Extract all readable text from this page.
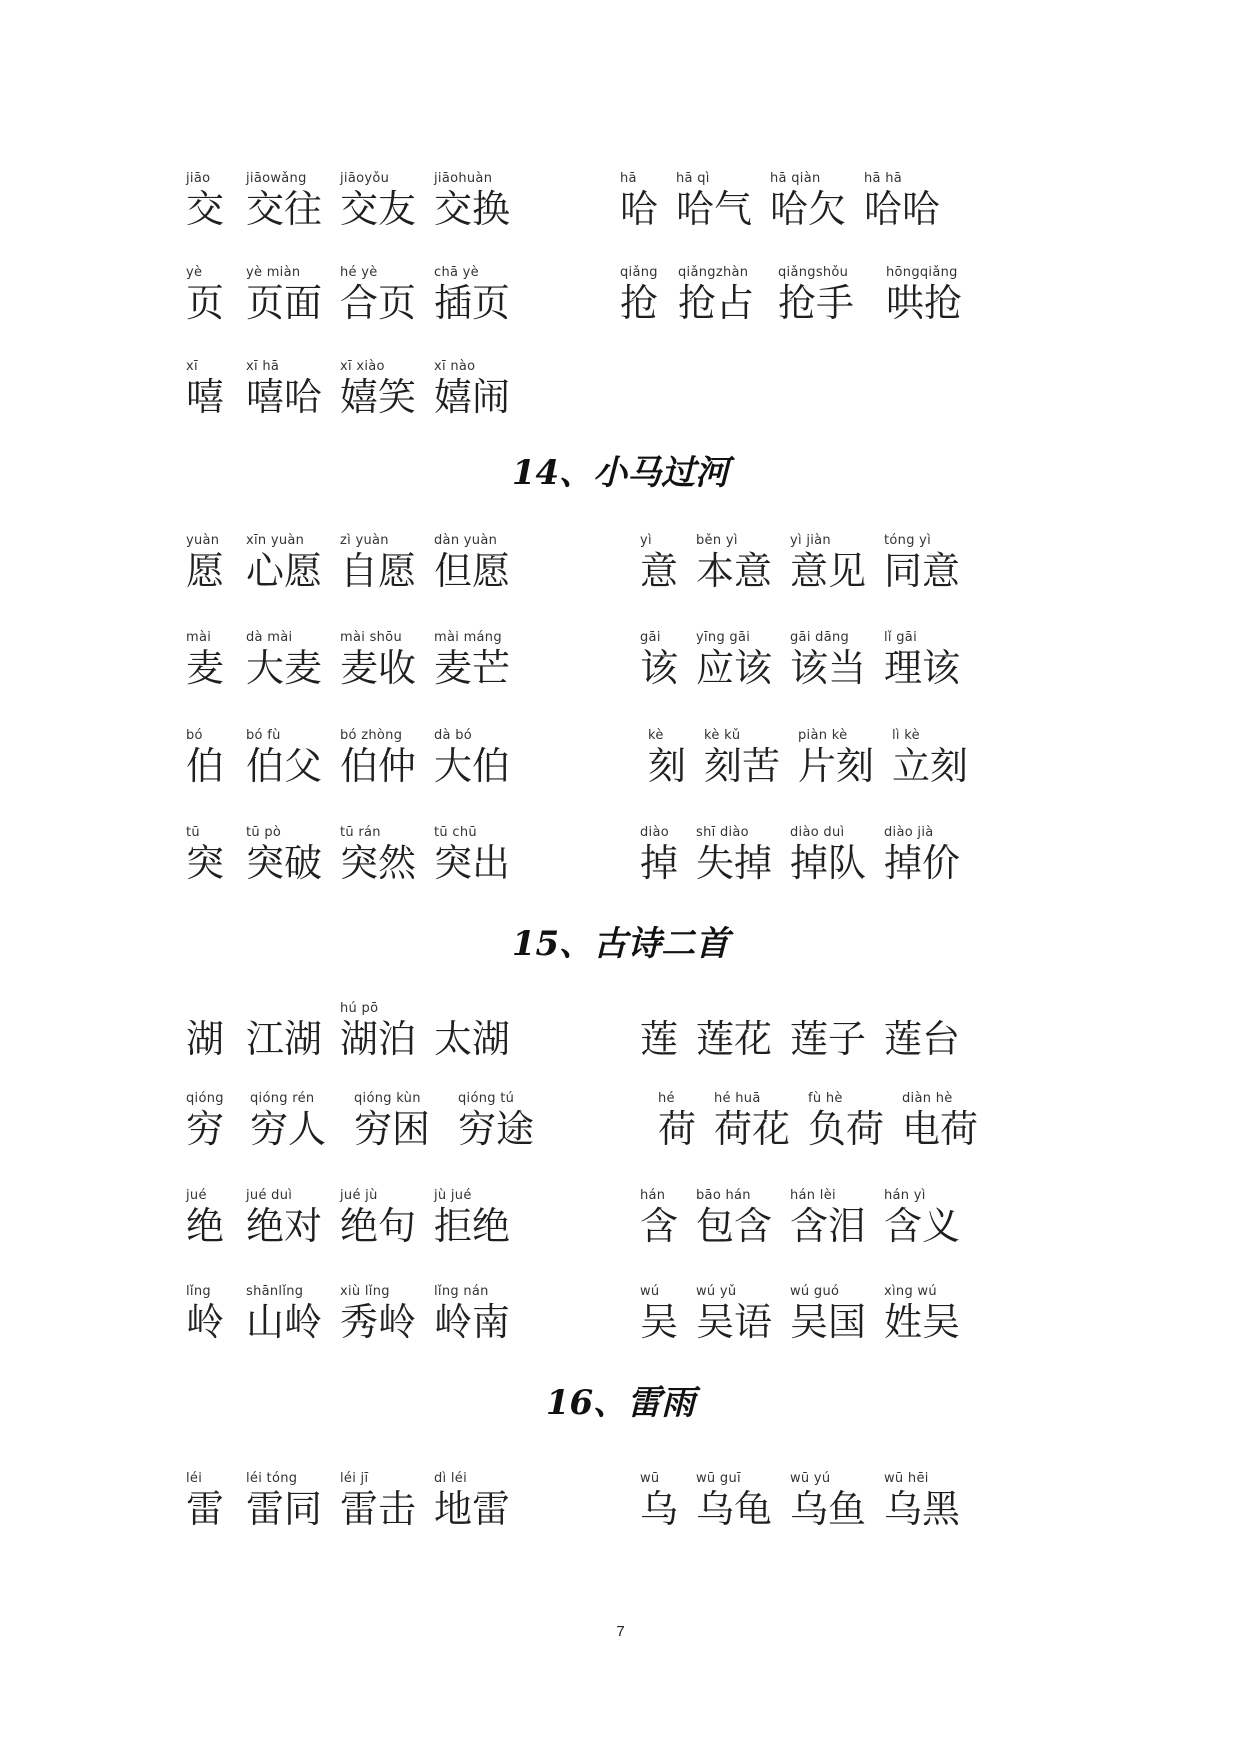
jiāo
交
jiāowǎng
交往
jiāoyǒu
交友
jiāohuàn
交换
hā
哈
hā qì
哈气
hā qiàn
哈欠
hā hā
哈哈
yè
页
yè miàn
页面
hé yè
合页
chā yè
插页
qiǎng
抢
qiǎngzhàn
抢占
qiǎngshǒu
抢手
hōngqiǎng
哄抢
xī
嘻
xī hā
嘻哈
xī xiào
嬉笑
xī nào
嬉闹
14、小马过河
yuàn
愿
xīn yuàn
心愿
zì yuàn
自愿
dàn yuàn
但愿
yì
意
běn yì
本意
yì jiàn
意见
tóng yì
同意
mài
麦
dà mài
大麦
mài shōu
麦收
mài máng
麦芒
gāi
该
yīng gāi
应该
gāi dāng
该当
lǐ gāi
理该
bó
伯
bó fù
伯父
bó zhòng
伯仲
dà bó
大伯
kè
刻
kè kǔ
刻苦
piàn kè
片刻
lì kè
立刻
tū
突
tū pò
突破
tū rán
突然
tū chū
突出
diào
掉
shī diào
失掉
diào duì
掉队
diào jià
掉价
15、古诗二首
湖 江湖
hú pō
湖泊 太湖	莲 莲花 莲子 莲台
qióng
穷
qióng rén
穷人
qióng kùn
穷困
qióng tú
穷途
hé
荷
hé huā
荷花
fù hè
负荷
diàn hè
电荷
jué
绝
jué duì
绝对
jué jù
绝句
jù jué
拒绝
hán
含
bāo hán
包含
hán lèi
含泪
hán yì
含义
lǐng
岭
shānlǐng
山岭
xiù lǐng
秀岭
lǐng nán
岭南
wú
吴
wú yǔ
吴语
wú guó
吴国
xìng wú
姓吴
16、雷雨
léi
雷
léi tóng
雷同
léi jī
雷击
dì léi
地雷
wū
乌
wū guī
乌龟
wū yú
乌鱼
wū hēi
乌黑
7
